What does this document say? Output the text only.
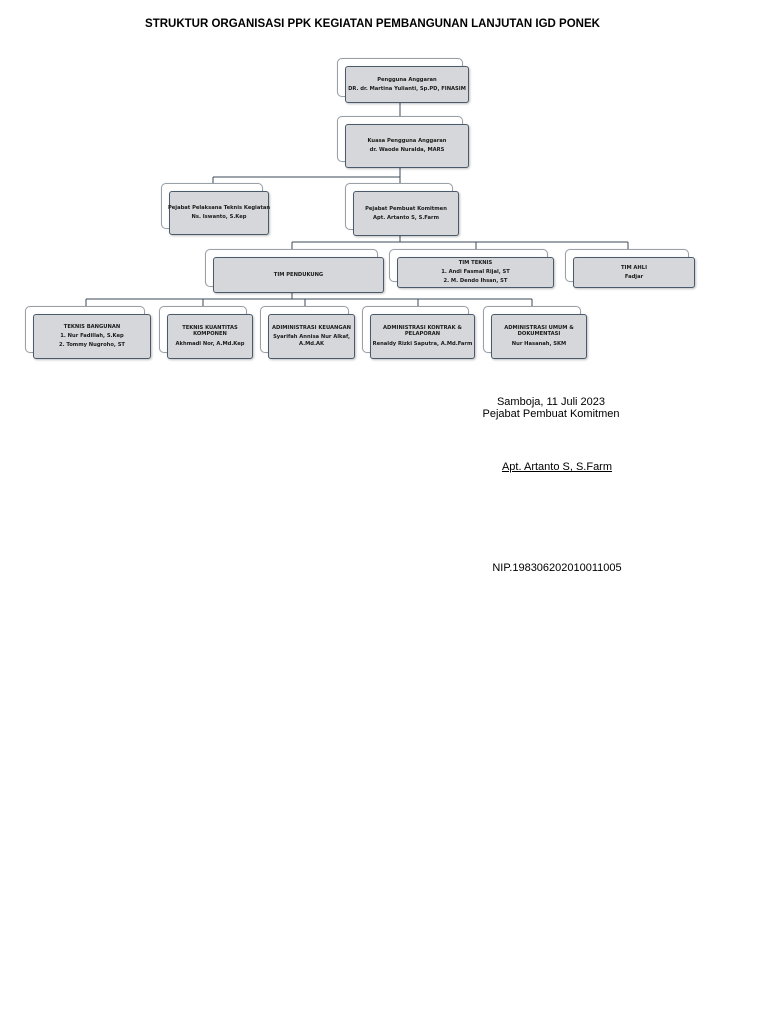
STRUKTUR ORGANISASI PPK KEGIATAN PEMBANGUNAN LANJUTAN IGD PONEK
Pengguna Anggaran
DR. dr. Martina Yulianti, Sp.PD, FINASIM
Kuasa Pengguna Anggaran
dr. Waode Nuralda, MARS
Pejabat Pelaksana Teknis Kegiatan
Ns. Iswanto, S.Kep
Pejabat Pembuat Komitmen
Apt. Artanto S, S.Farm
TIM PENDUKUNG
TIM TEKNIS
1. Andi Fasmal Rijal, ST
2. M. Dendo Ihsan, ST
TIM AHLI
Fadjar
TEKNIS BANGUNAN
1. Nur Fadillah, S.Kep
2. Tommy Nugroho, ST
TEKNIS KUANTITAS KOMPONEN
Akhmadi Nor, A.Md.Kep
ADIMINISTRASI KEUANGAN
Syarifah Annisa Nur Alkaf, A.Md.AK
ADMINISTRASI KONTRAK & PELAPORAN
Renaldy Rizki Saputra, A.Md.Farm
ADMINISTRASI UMUM & DOKUMENTASI
Nur Hasanah, SKM
Samboja, 11 Juli 2023
Pejabat Pembuat Komitmen
Apt. Artanto S, S.Farm
NIP.198306202010011005
